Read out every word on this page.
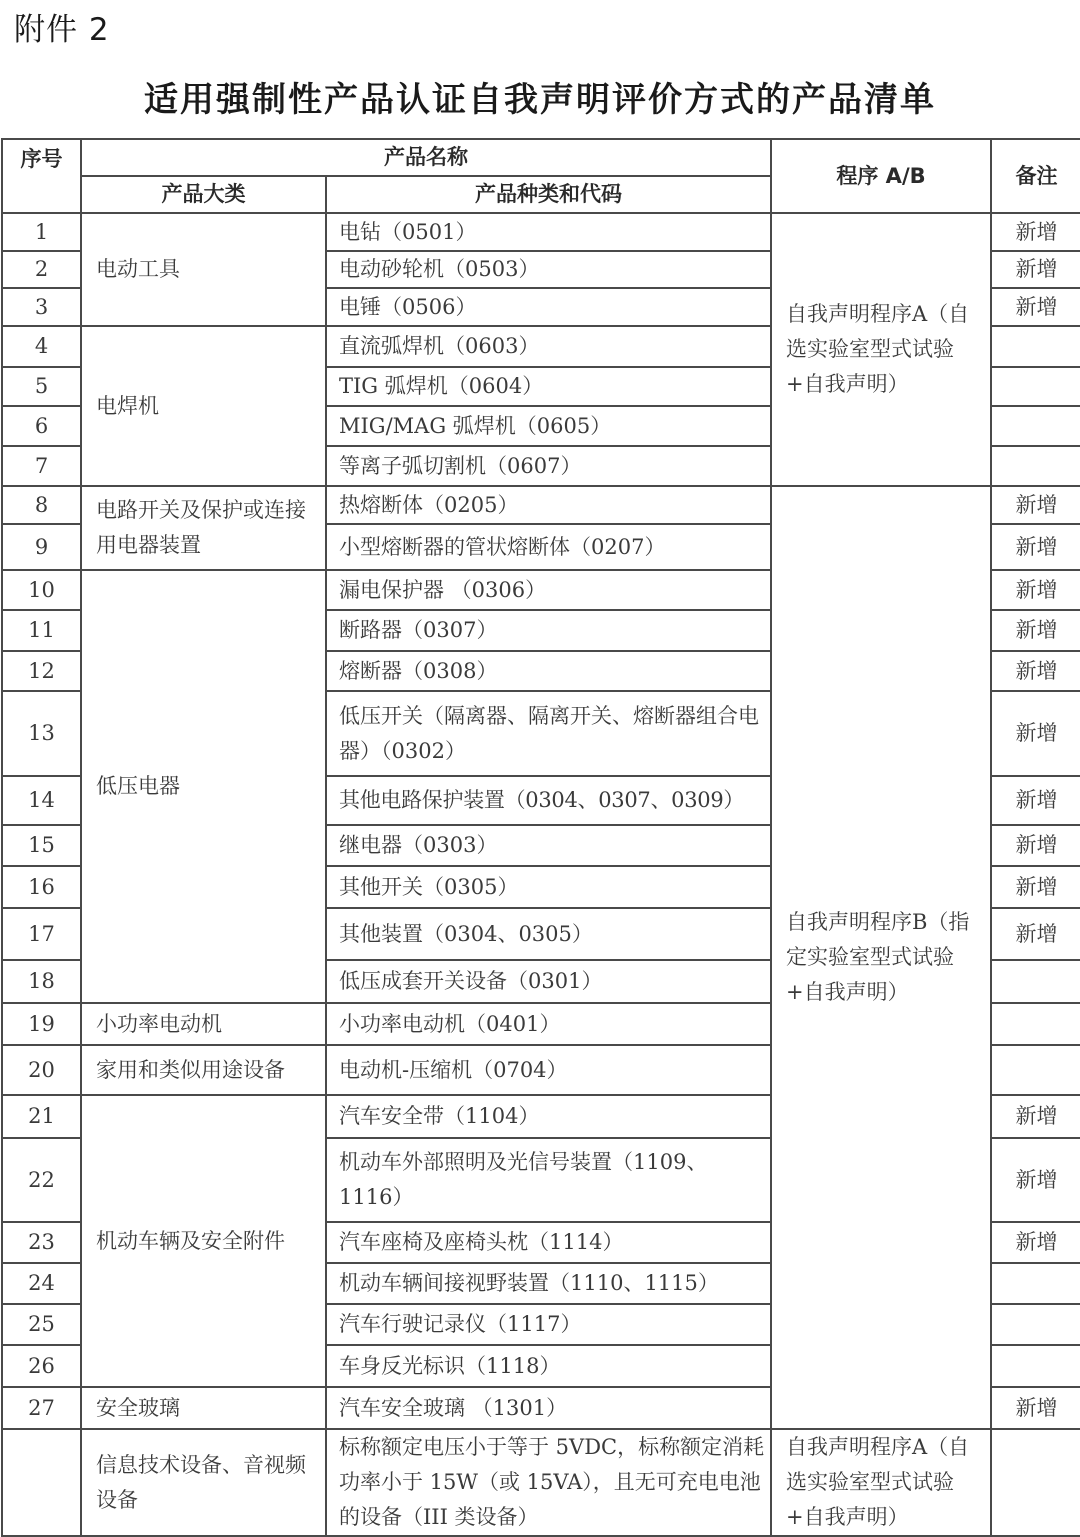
附件 2
适用强制性产品认证自我声明评价方式的产品清单
序号	产品名称		程序 A/B	备注
	产品大类	产品种类和代码		
1	电动工具	电钻（0501）	自我声明程序A（自选实验室型式试验+自我声明）	新增
2		电动砂轮机（0503）		新增
3		电锤（0506）		新增
4	电焊机	直流弧焊机（0603）		
5		TIG 弧焊机（0604）		
6		MIG/MAG 弧焊机（0605）		
7		等离子弧切割机（0607）		
8	电路开关及保护或连接用电器装置	热熔断体（0205）	自我声明程序B（指定实验室型式试验+自我声明）	新增
9		小型熔断器的管状熔断体（0207）		新增
10	低压电器	漏电保护器 （0306）		新增
11		断路器（0307）		新增
12		熔断器（0308）		新增
13		低压开关（隔离器、隔离开关、熔断器组合电器）（0302）		新增
14		其他电路保护装置（0304、0307、0309）		新增
15		继电器（0303）		新增
16		其他开关（0305）		新增
17		其他装置（0304、0305）		新增
18		低压成套开关设备（0301）		
19	小功率电动机	小功率电动机（0401）		
20	家用和类似用途设备	电动机-压缩机（0704）		
21	机动车辆及安全附件	汽车安全带（1104）		新增
22		机动车外部照明及光信号装置（1109、1116）		新增
23		汽车座椅及座椅头枕（1114）		新增
24		机动车辆间接视野装置（1110、1115）		
25		汽车行驶记录仪（1117）		
26		车身反光标识（1118）		
27	安全玻璃	汽车安全玻璃 （1301）		新增
	信息技术设备、音视频设备	标称额定电压小于等于 5VDC，标称额定消耗功率小于 15W（或 15VA），且无可充电电池的设备（III 类设备）	自我声明程序A（自选实验室型式试验+自我声明）	
